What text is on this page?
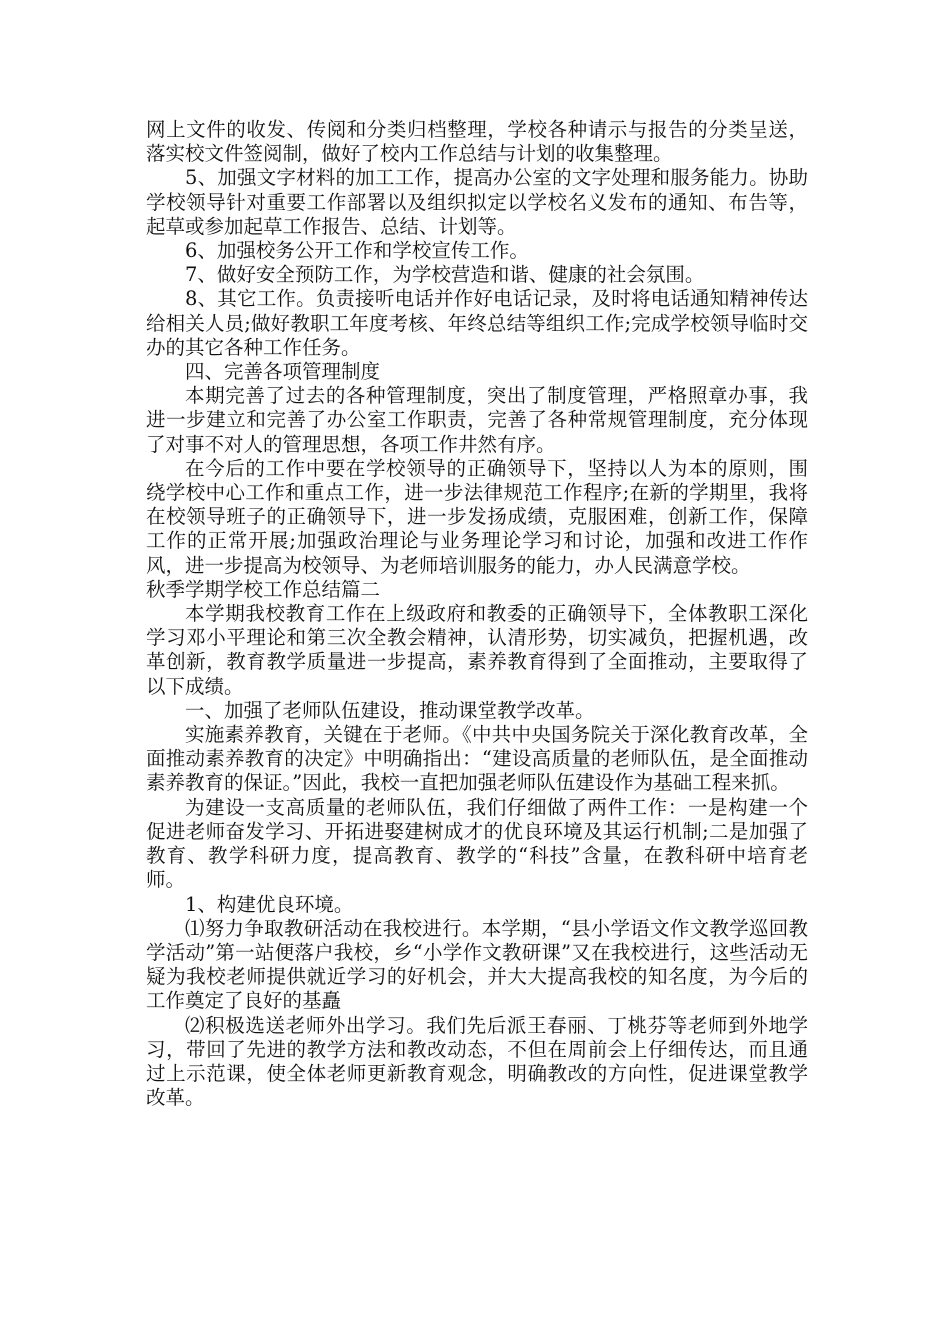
网上文件的收发、传阅和分类归档整理，学校各种请示与报告的分类呈送，落实校文件签阅制，做好了校内工作总结与计划的收集整理。

5、加强文字材料的加工工作，提高办公室的文字处理和服务能力。协助学校领导针对重要工作部署以及组织拟定以学校名义发布的通知、布告等，起草或参加起草工作报告、总结、计划等。

6、加强校务公开工作和学校宣传工作。

7、做好安全预防工作，为学校营造和谐、健康的社会氛围。

8、其它工作。负责接听电话并作好电话记录，及时将电话通知精神传达给相关人员;做好教职工年度考核、年终总结等组织工作;完成学校领导临时交办的其它各种工作任务。

四、完善各项管理制度

本期完善了过去的各种管理制度，突出了制度管理，严格照章办事，我进一步建立和完善了办公室工作职责，完善了各种常规管理制度，充分体现了对事不对人的管理思想，各项工作井然有序。

在今后的工作中要在学校领导的正确领导下，坚持以人为本的原则，围绕学校中心工作和重点工作，进一步法律规范工作程序;在新的学期里，我将在校领导班子的正确领导下，进一步发扬成绩，克服困难，创新工作，保障工作的正常开展;加强政治理论与业务理论学习和讨论，加强和改进工作作风，进一步提高为校领导、为老师培训服务的能力，办人民满意学校。

秋季学期学校工作总结篇二

本学期我校教育工作在上级政府和教委的正确领导下，全体教职工深化学习邓小平理论和第三次全教会精神，认清形势，切实减负，把握机遇，改革创新，教育教学质量进一步提高，素养教育得到了全面推动，主要取得了以下成绩。

一、加强了老师队伍建设，推动课堂教学改革。

实施素养教育，关键在于老师。《中共中央国务院关于深化教育改革，全面推动素养教育的决定》中明确指出：“建设高质量的老师队伍，是全面推动素养教育的保证。”因此，我校一直把加强老师队伍建设作为基础工程来抓。

为建设一支高质量的老师队伍，我们仔细做了两件工作：一是构建一个促进老师奋发学习、开拓进娶建树成才的优良环境及其运行机制;二是加强了教育、教学科研力度，提高教育、教学的“科技”含量，在教科研中培育老师。

1、构建优良环境。

⑴努力争取教研活动在我校进行。本学期，“县小学语文作文教学巡回教学活动”第一站便落户我校，乡“小学作文教研课”又在我校进行，这些活动无疑为我校老师提供就近学习的好机会，并大大提高我校的知名度，为今后的工作奠定了良好的基矗

⑵积极选送老师外出学习。我们先后派王春丽、丁桃芬等老师到外地学习，带回了先进的教学方法和教改动态，不但在周前会上仔细传达，而且通过上示范课，使全体老师更新教育观念，明确教改的方向性，促进课堂教学改革。
